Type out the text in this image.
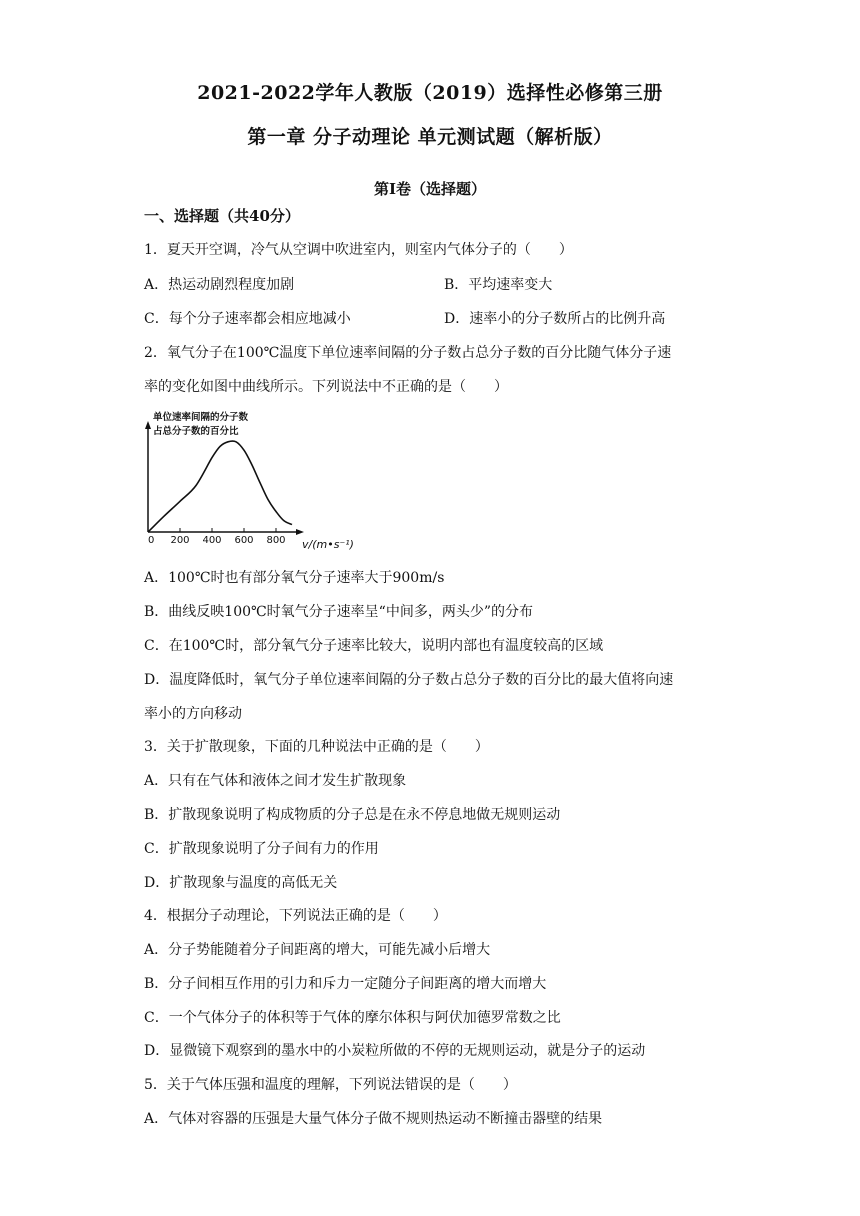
2021-2022学年人教版（2019）选择性必修第三册
第一章 分子动理论 单元测试题（解析版）
第Ⅰ卷（选择题）
一、选择题（共40分）
1．夏天开空调，冷气从空调中吹进室内，则室内气体分子的（　　）
A．热运动剧烈程度加剧	B．平均速率变大
C．每个分子速率都会相应地减小	D．速率小的分子数所占的比例升高
2．氧气分子在100℃温度下单位速率间隔的分子数占总分子数的百分比随气体分子速
率的变化如图中曲线所示。下列说法中不正确的是（　　）
单位速率间隔的分子数
占总分子数的百分比
0 200 400 600 800 v/(m•s⁻¹)
A．100℃时也有部分氧气分子速率大于900m/s
B．曲线反映100℃时氧气分子速率呈“中间多，两头少”的分布
C．在100℃时，部分氧气分子速率比较大，说明内部也有温度较高的区域
D．温度降低时，氧气分子单位速率间隔的分子数占总分子数的百分比的最大值将向速
率小的方向移动
3．关于扩散现象，下面的几种说法中正确的是（　　）
A．只有在气体和液体之间才发生扩散现象
B．扩散现象说明了构成物质的分子总是在永不停息地做无规则运动
C．扩散现象说明了分子间有力的作用
D．扩散现象与温度的高低无关
4．根据分子动理论，下列说法正确的是（　　）
A．分子势能随着分子间距离的增大，可能先减小后增大
B．分子间相互作用的引力和斥力一定随分子间距离的增大而增大
C．一个气体分子的体积等于气体的摩尔体积与阿伏加德罗常数之比
D．显微镜下观察到的墨水中的小炭粒所做的不停的无规则运动，就是分子的运动
5．关于气体压强和温度的理解，下列说法错误的是（　　）
A．气体对容器的压强是大量气体分子做不规则热运动不断撞击器壁的结果
